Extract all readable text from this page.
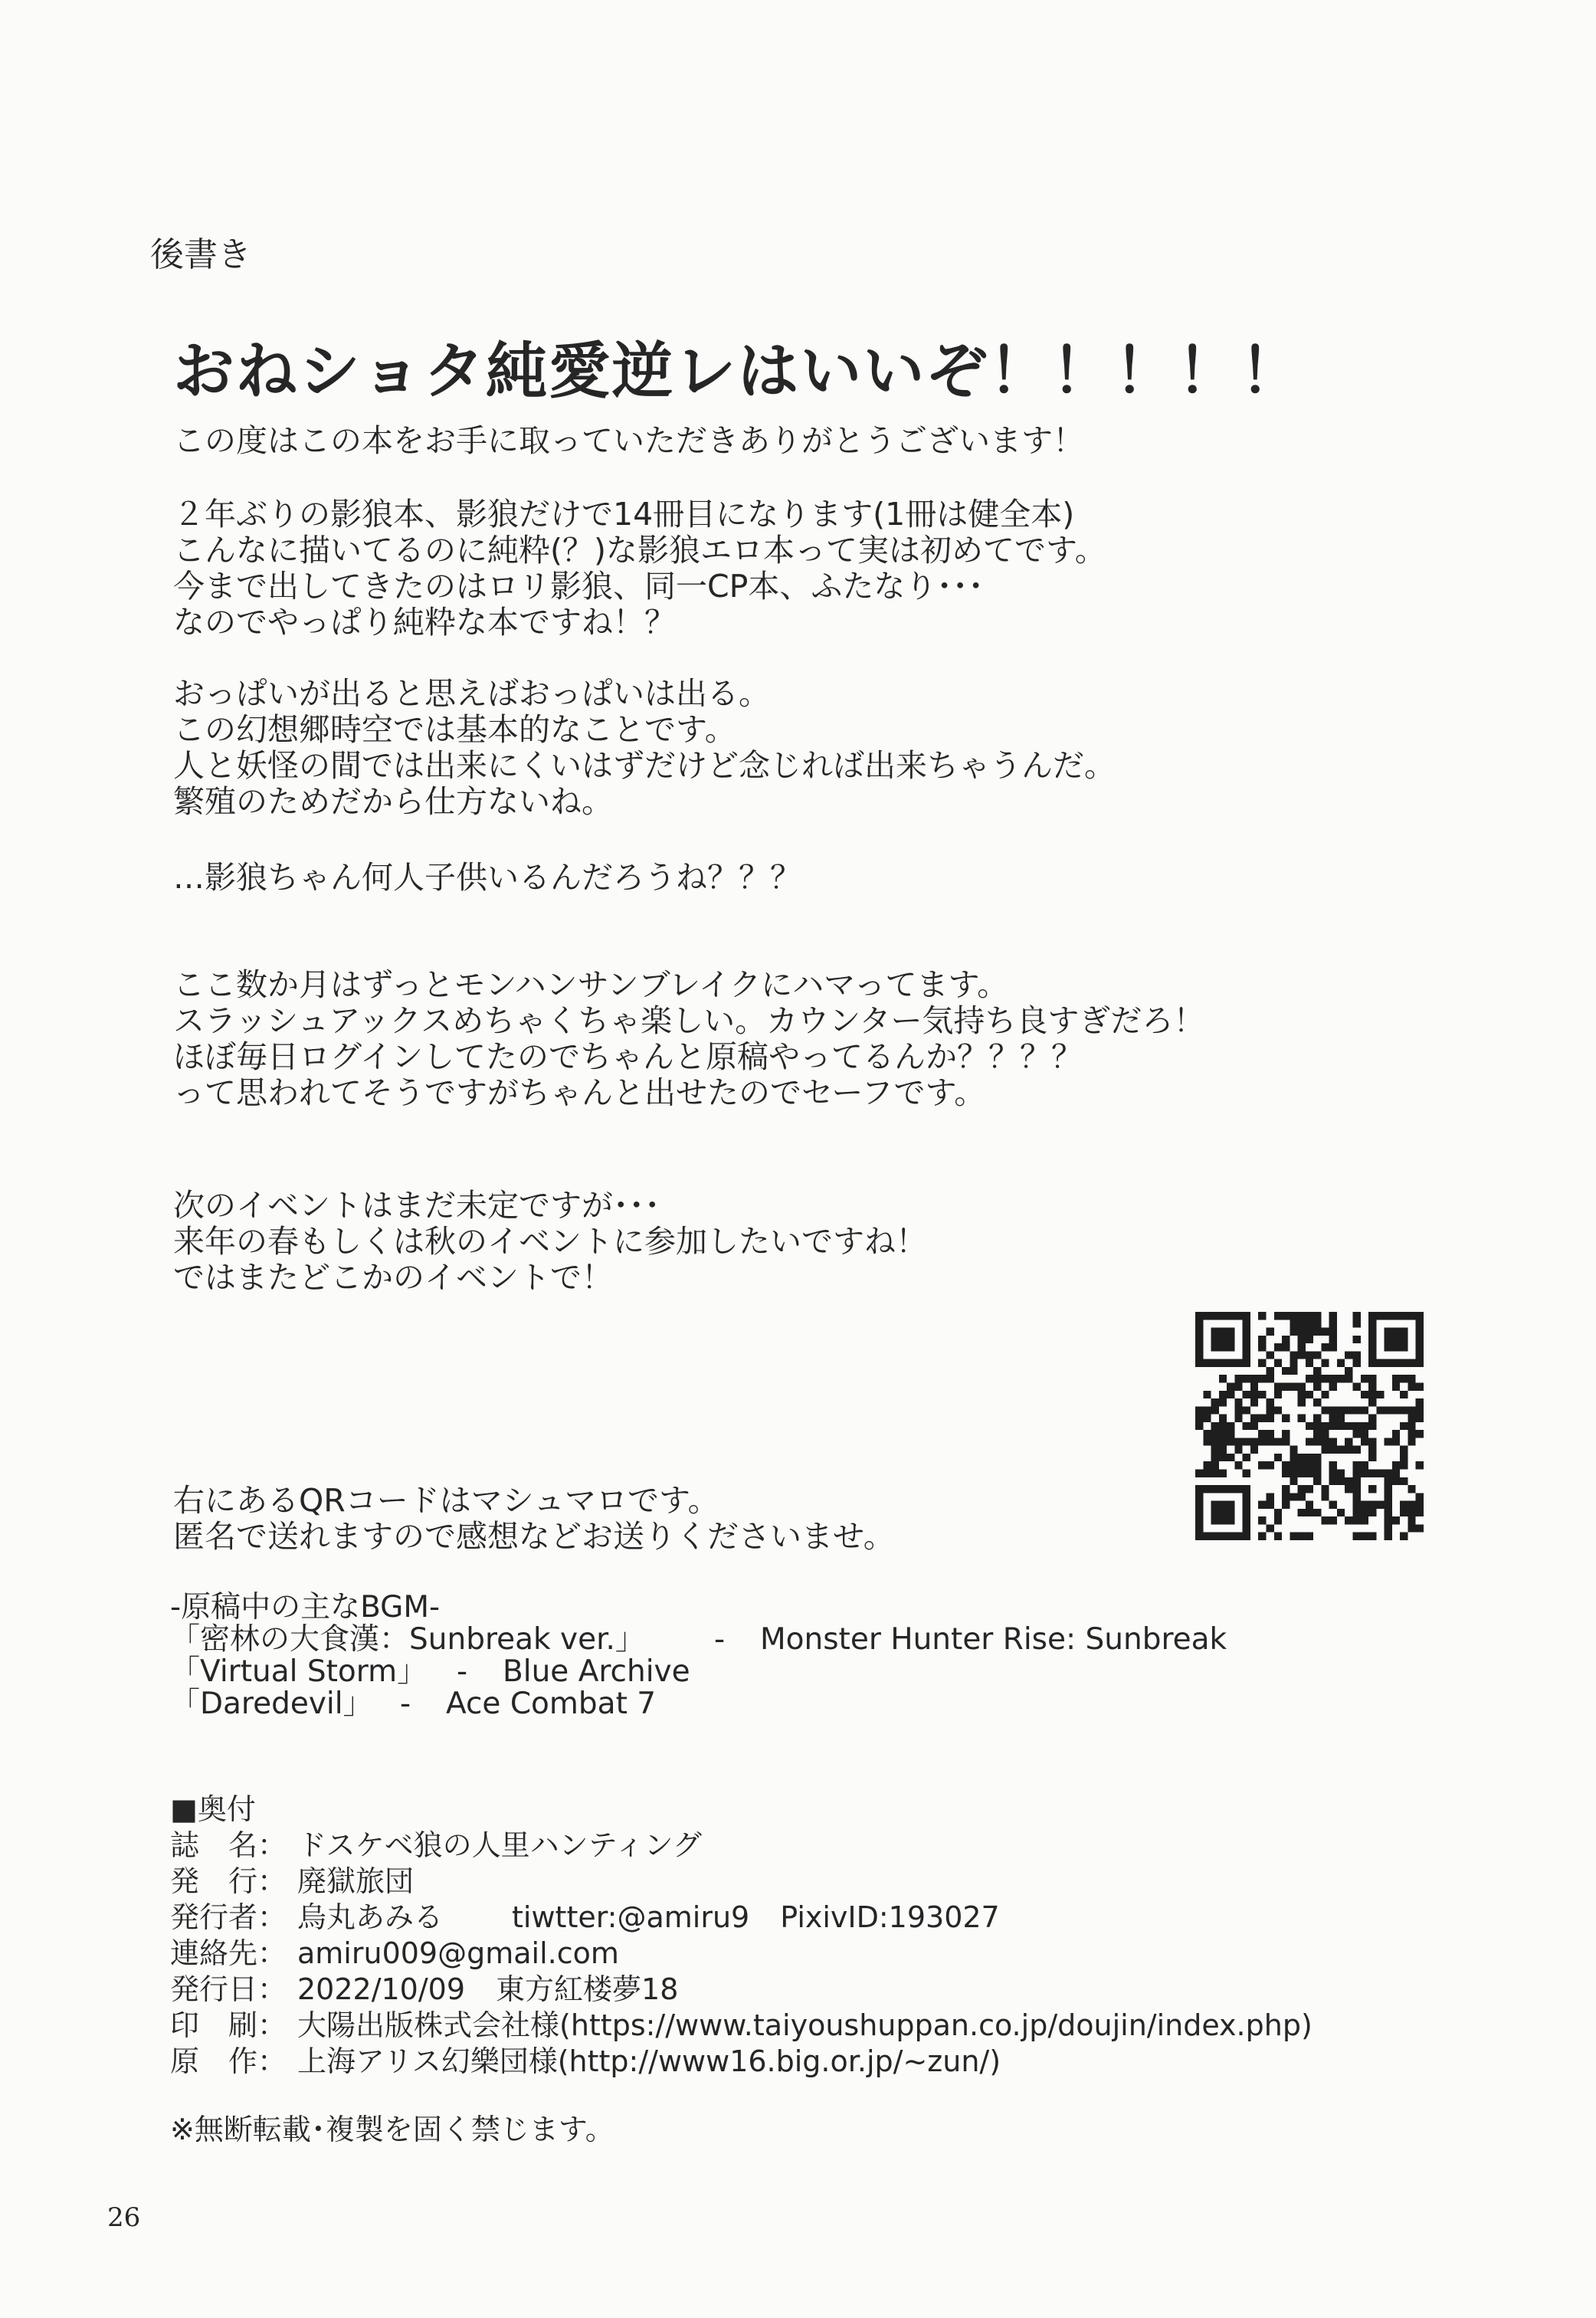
後書き
おねショタ純愛逆レはいいぞ！！！！！
この度はこの本をお手に取っていただきありがとうございます！
２年ぶりの影狼本、影狼だけで14冊目になります(1冊は健全本)
こんなに描いてるのに純粋(？)な影狼エロ本って実は初めてです。
今まで出してきたのはロリ影狼、同一CP本、ふたなり･･･
なのでやっぱり純粋な本ですね！？
おっぱいが出ると思えばおっぱいは出る。
この幻想郷時空では基本的なことです。
人と妖怪の間では出来にくいはずだけど念じれば出来ちゃうんだ。
繁殖のためだから仕方ないね。
…影狼ちゃん何人子供いるんだろうね？？？
ここ数か月はずっとモンハンサンブレイクにハマってます。
スラッシュアックスめちゃくちゃ楽しい。カウンター気持ち良すぎだろ！
ほぼ毎日ログインしてたのでちゃんと原稿やってるんか？？？？
って思われてそうですがちゃんと出せたのでセーフです。
次のイベントはまだ未定ですが･･･
来年の春もしくは秋のイベントに参加したいですね！
ではまたどこかのイベントで！
右にあるQRコードはマシュマロです。
匿名で送れますので感想などお送りくださいませ。
-原稿中の主なBGM-
「密林の大食漢：Sunbreak ver.」	-	Monster Hunter Rise: Sunbreak
「Virtual Storm」 -	Blue Archive
「Daredevil」 -	Ace Combat 7
■奥付
誌　名： ドスケベ狼の人里ハンティング
発　行： 廃獄旅団
発行者： 烏丸あみる tiwtter:@amiru9 PixivID:193027
連絡先： amiru009@gmail.com
発行日： 2022/10/09 東方紅楼夢18
印　刷： 大陽出版株式会社様(https://www.taiyoushuppan.co.jp/doujin/index.php)
原　作： 上海アリス幻樂団様(http://www16.big.or.jp/~zun/)
※無断転載･複製を固く禁じます。
26
